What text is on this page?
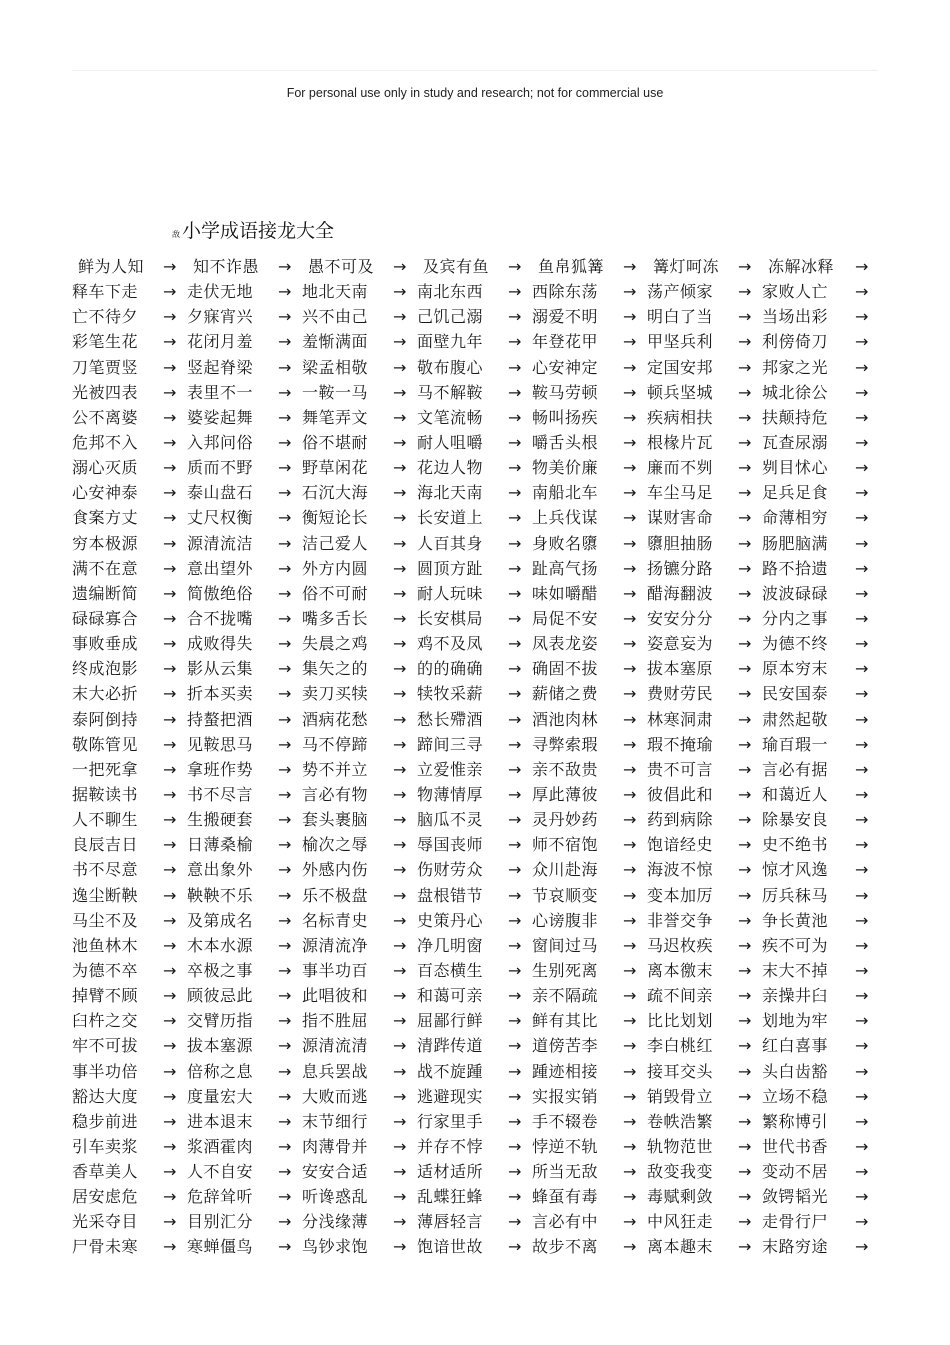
For personal use only in study and research; not for commercial use
敌 小学成语接龙大全
鲜为人知 → 知不诈愚 → 愚不可及 → 及宾有鱼 → 鱼帛狐篝 → 篝灯呵冻 → 冻解冰释 →
释车下走 → 走伏无地 → 地北天南 → 南北东西 → 西除东荡 → 荡产倾家 → 家败人亡 →
亡不待夕 → 夕寐宵兴 → 兴不由己 → 己饥己溺 → 溺爱不明 → 明白了当 → 当场出彩 →
彩笔生花 → 花闭月羞 → 羞惭满面 → 面壁九年 → 年登花甲 → 甲坚兵利 → 利傍倚刀 →
刀笔贾竖 → 竖起脊梁 → 梁孟相敬 → 敬布腹心 → 心安神定 → 定国安邦 → 邦家之光 →
光被四表 → 表里不一 → 一鞍一马 → 马不解鞍 → 鞍马劳顿 → 顿兵坚城 → 城北徐公 →
公不离婆 → 婆娑起舞 → 舞笔弄文 → 文笔流畅 → 畅叫扬疾 → 疾病相扶 → 扶颠持危 →
危邦不入 → 入邦问俗 → 俗不堪耐 → 耐人咀嚼 → 嚼舌头根 → 根椽片瓦 → 瓦查尿溺 →
溺心灭质 → 质而不野 → 野草闲花 → 花边人物 → 物美价廉 → 廉而不刿 → 刿目怵心 →
心安神泰 → 泰山盘石 → 石沉大海 → 海北天南 → 南船北车 → 车尘马足 → 足兵足食 →
食案方丈 → 丈尺权衡 → 衡短论长 → 长安道上 → 上兵伐谋 → 谋财害命 → 命薄相穷 →
穷本极源 → 源清流洁 → 洁己爱人 → 人百其身 → 身败名隳 → 隳胆抽肠 → 肠肥脑满 →
满不在意 → 意出望外 → 外方内圆 → 圆顶方趾 → 趾高气扬 → 扬镳分路 → 路不拾遗 →
遗编断简 → 简傲绝俗 → 俗不可耐 → 耐人玩味 → 味如嚼醋 → 醋海翻波 → 波波碌碌 →
碌碌寡合 → 合不拢嘴 → 嘴多舌长 → 长安棋局 → 局促不安 → 安安分分 → 分内之事 →
事败垂成 → 成败得失 → 失晨之鸡 → 鸡不及凤 → 凤表龙姿 → 姿意妄为 → 为德不终 →
终成泡影 → 影从云集 → 集矢之的 → 的的确确 → 确固不拔 → 拔本塞原 → 原本穷末 →
末大必折 → 折本买卖 → 卖刀买犊 → 犊牧采薪 → 薪储之费 → 费财劳民 → 民安国泰 →
泰阿倒持 → 持螯把酒 → 酒病花愁 → 愁长殢酒 → 酒池肉林 → 林寒洞肃 → 肃然起敬 →
敬陈管见 → 见鞍思马 → 马不停蹄 → 蹄间三寻 → 寻弊索瑕 → 瑕不掩瑜 → 瑜百瑕一 →
一把死拿 → 拿班作势 → 势不并立 → 立爱惟亲 → 亲不敌贵 → 贵不可言 → 言必有据 →
据鞍读书 → 书不尽言 → 言必有物 → 物薄情厚 → 厚此薄彼 → 彼倡此和 → 和蔼近人 →
人不聊生 → 生搬硬套 → 套头裹脑 → 脑瓜不灵 → 灵丹妙药 → 药到病除 → 除暴安良 →
良辰吉日 → 日薄桑榆 → 榆次之辱 → 辱国丧师 → 师不宿饱 → 饱谙经史 → 史不绝书 →
书不尽意 → 意出象外 → 外感内伤 → 伤财劳众 → 众川赴海 → 海波不惊 → 惊才风逸 →
逸尘断鞅 → 鞅鞅不乐 → 乐不极盘 → 盘根错节 → 节哀顺变 → 变本加厉 → 厉兵秣马 →
马尘不及 → 及第成名 → 名标青史 → 史策丹心 → 心谤腹非 → 非誉交争 → 争长黄池 →
池鱼林木 → 木本水源 → 源清流净 → 净几明窗 → 窗间过马 → 马迟枚疾 → 疾不可为 →
为德不卒 → 卒极之事 → 事半功百 → 百态横生 → 生别死离 → 离本徼末 → 末大不掉 →
掉臂不顾 → 顾彼忌此 → 此唱彼和 → 和蔼可亲 → 亲不隔疏 → 疏不间亲 → 亲操井臼 →
臼杵之交 → 交臂历指 → 指不胜屈 → 屈鄙行鲜 → 鲜有其比 → 比比划划 → 划地为牢 →
牢不可拔 → 拔本塞源 → 源清流清 → 清跸传道 → 道傍苦李 → 李白桃红 → 红白喜事 →
事半功倍 → 倍称之息 → 息兵罢战 → 战不旋踵 → 踵迹相接 → 接耳交头 → 头白齿豁 →
豁达大度 → 度量宏大 → 大败而逃 → 逃避现实 → 实报实销 → 销毁骨立 → 立场不稳 →
稳步前进 → 进本退末 → 末节细行 → 行家里手 → 手不辍卷 → 卷帙浩繁 → 繁称博引 →
引车卖浆 → 浆酒霍肉 → 肉薄骨并 → 并存不悖 → 悖逆不轨 → 轨物范世 → 世代书香 →
香草美人 → 人不自安 → 安安合适 → 适材适所 → 所当无敌 → 敌变我变 → 变动不居 →
居安虑危 → 危辞耸听 → 听谗惑乱 → 乱蝶狂蜂 → 蜂虿有毒 → 毒赋剩敛 → 敛锷韬光 →
光采夺目 → 目别汇分 → 分浅缘薄 → 薄唇轻言 → 言必有中 → 中风狂走 → 走骨行尸 →
尸骨未寒 → 寒蝉僵鸟 → 鸟钞求饱 → 饱谙世故 → 故步不离 → 离本趣末 → 末路穷途 →
